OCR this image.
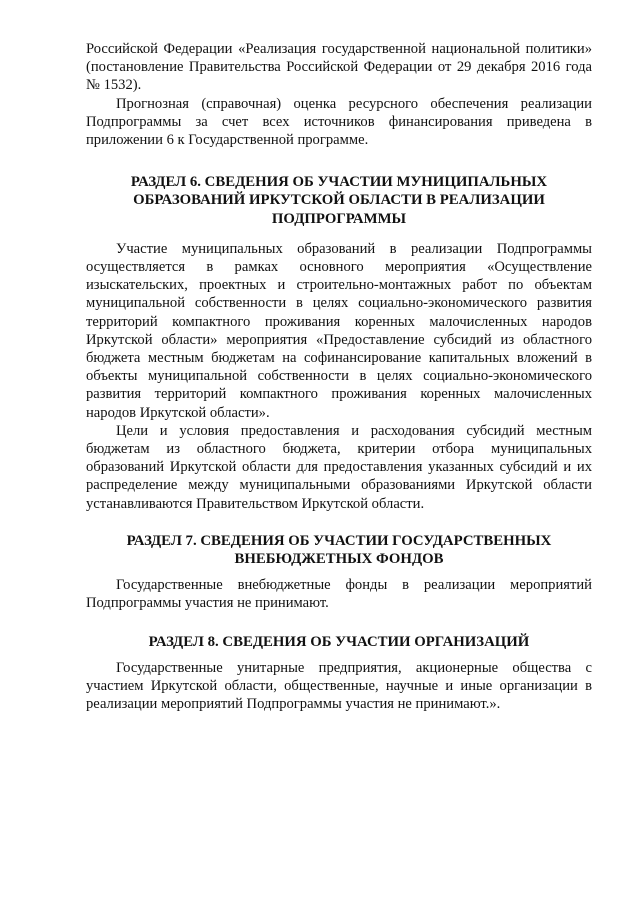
Российской Федерации «Реализация государственной национальной политики» (постановление Правительства Российской Федерации от 29 декабря 2016 года № 1532).

Прогнозная (справочная) оценка ресурсного обеспечения реализации Подпрограммы за счет всех источников финансирования приведена в приложении 6 к Государственной программе.

РАЗДЕЛ 6. СВЕДЕНИЯ ОБ УЧАСТИИ МУНИЦИПАЛЬНЫХ ОБРАЗОВАНИЙ ИРКУТСКОЙ ОБЛАСТИ В РЕАЛИЗАЦИИ ПОДПРОГРАММЫ

Участие муниципальных образований в реализации Подпрограммы осуществляется в рамках основного мероприятия «Осуществление изыскательских, проектных и строительно-монтажных работ по объектам муниципальной собственности в целях социально-экономического развития территорий компактного проживания коренных малочисленных народов Иркутской области» мероприятия «Предоставление субсидий из областного бюджета местным бюджетам на софинансирование капитальных вложений в объекты муниципальной собственности в целях социально-экономического развития территорий компактного проживания коренных малочисленных народов Иркутской области».

Цели и условия предоставления и расходования субсидий местным бюджетам из областного бюджета, критерии отбора муниципальных образований Иркутской области для предоставления указанных субсидий и их распределение между муниципальными образованиями Иркутской области устанавливаются Правительством Иркутской области.

РАЗДЕЛ 7. СВЕДЕНИЯ ОБ УЧАСТИИ ГОСУДАРСТВЕННЫХ ВНЕБЮДЖЕТНЫХ ФОНДОВ

Государственные внебюджетные фонды в реализации мероприятий Подпрограммы участия не принимают.

РАЗДЕЛ 8. СВЕДЕНИЯ ОБ УЧАСТИИ ОРГАНИЗАЦИЙ

Государственные унитарные предприятия, акционерные общества с участием Иркутской области, общественные, научные и иные организации в реализации мероприятий Подпрограммы участия не принимают.».
